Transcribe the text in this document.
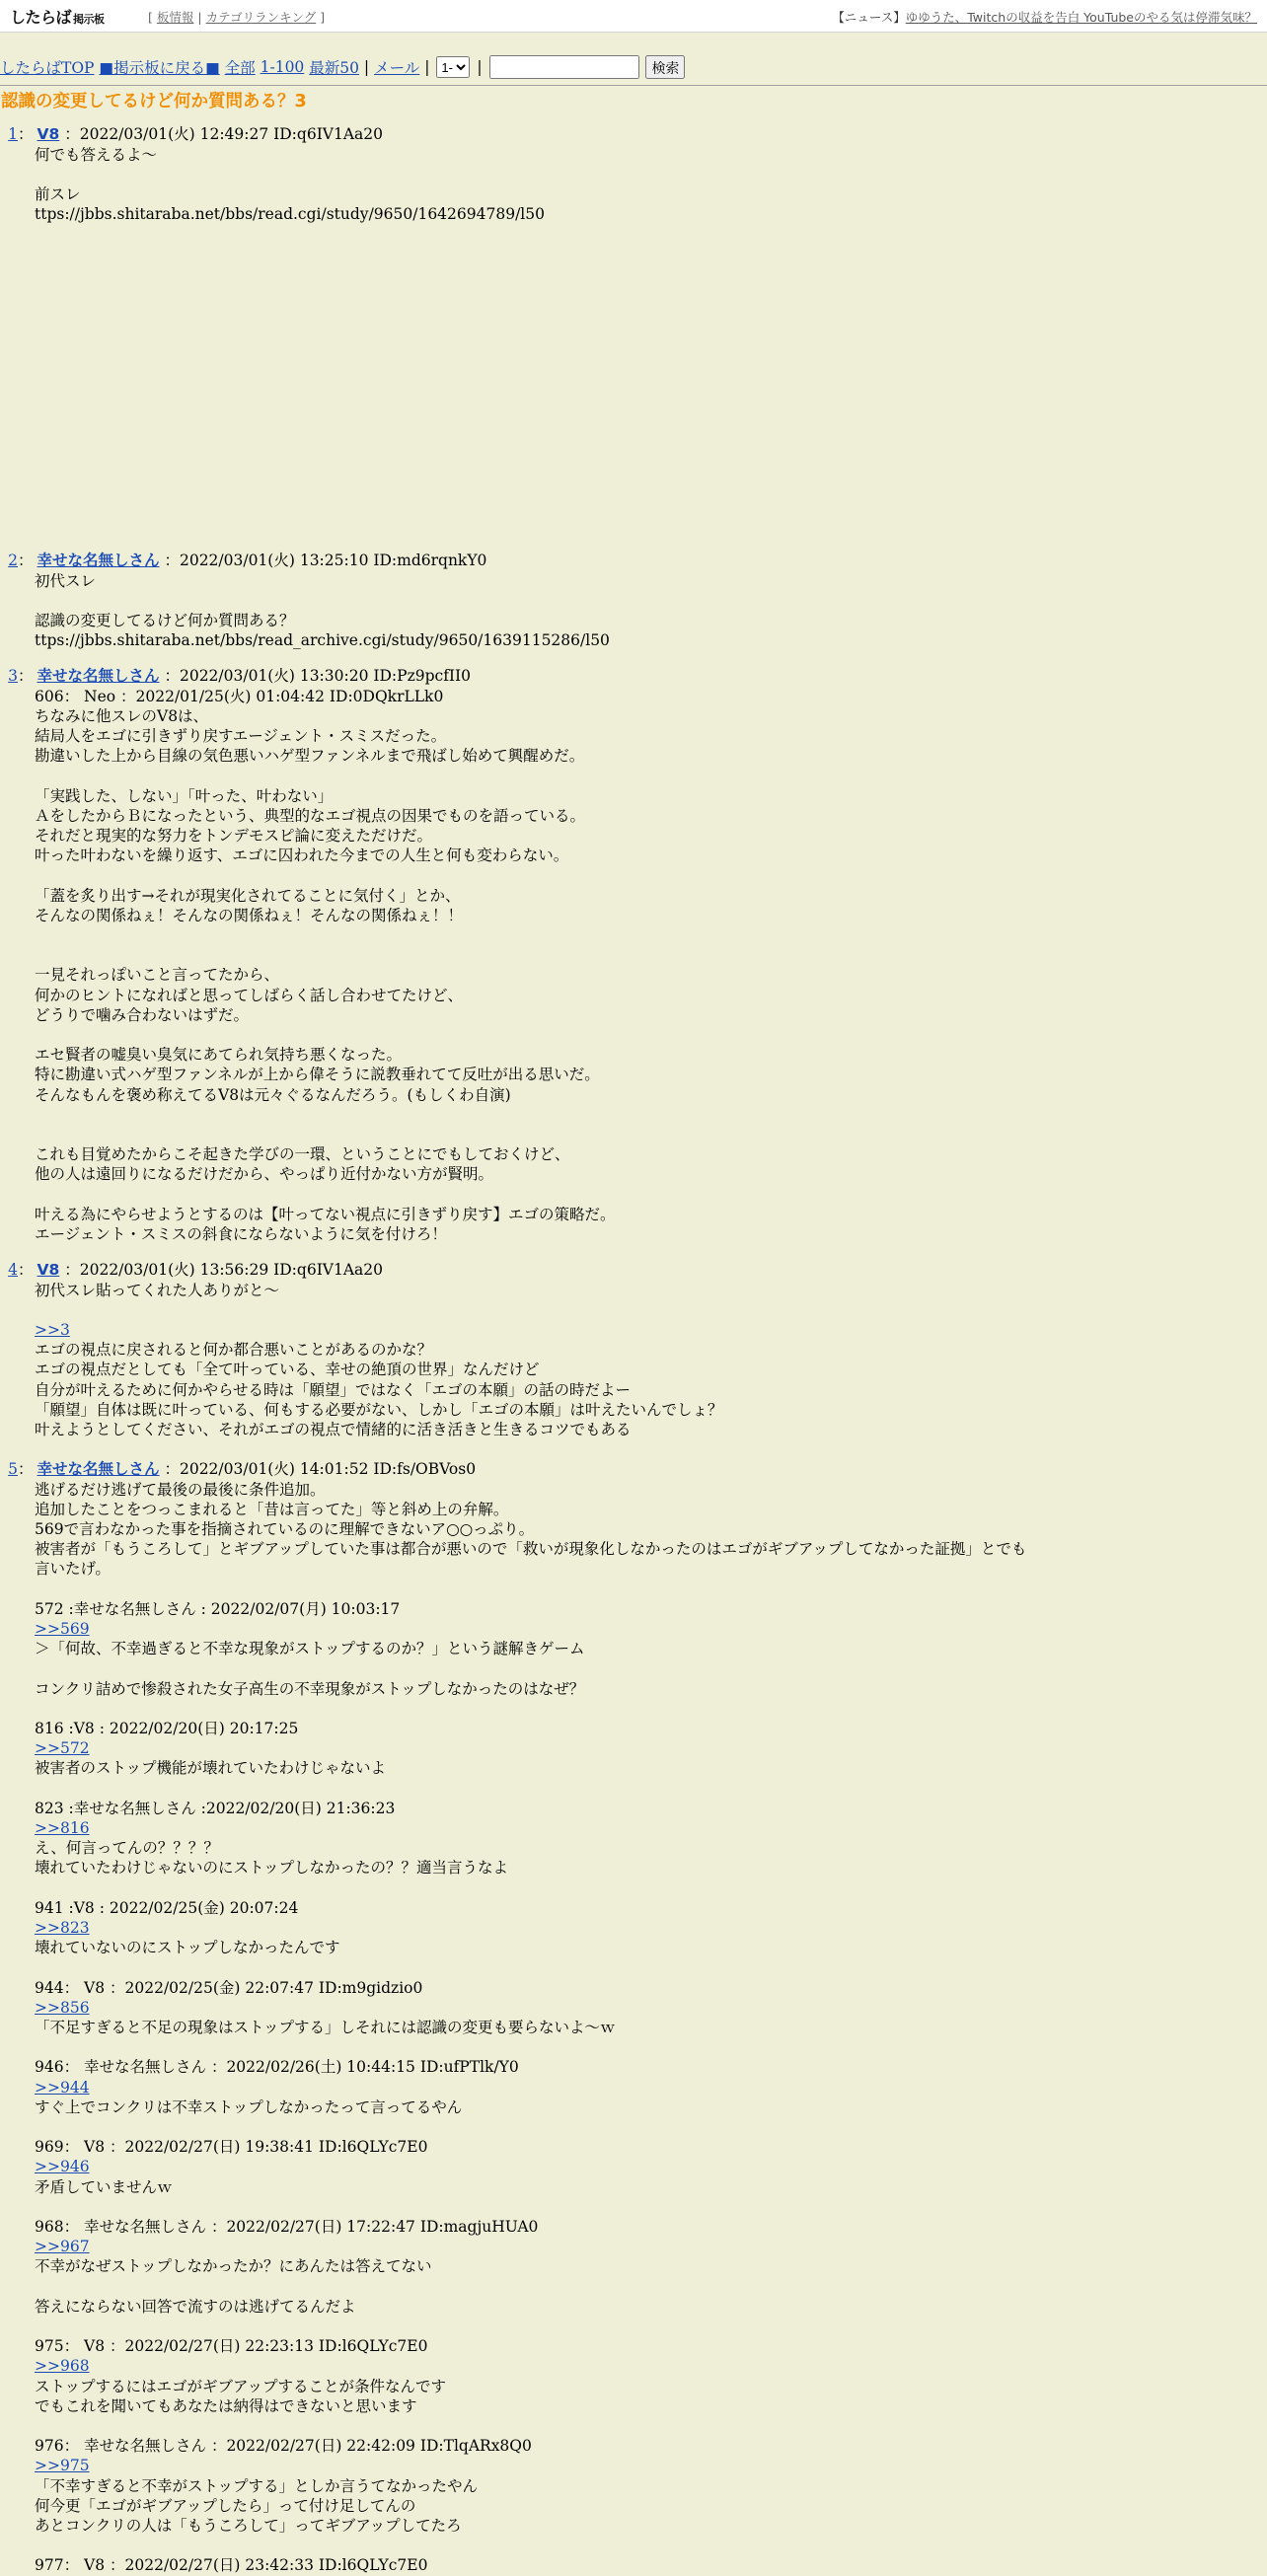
したらば 掲示板	[ 板情報 | カテゴリランキング ]	【ニュース】ゆゆうた、Twitchの収益を告白 YouTubeのやる気は停滞気味？
したらばTOP ■掲示板に戻る■ 全部 1-100 最新50 | メール |
1-	|	検索
認識の変更してるけど何か質問ある？3
1： V8 ：2022/03/01(火) 12:49:27 ID:q6IV1Aa20
何でも答えるよ～

前スレ
ttps://jbbs.shitaraba.net/bbs/read.cgi/study/9650/1642694789/l50
2： 幸せな名無しさん ：2022/03/01(火) 13:25:10 ID:md6rqnkY0
初代スレ

認識の変更してるけど何か質問ある？
ttps://jbbs.shitaraba.net/bbs/read_archive.cgi/study/9650/1639115286/l50
3： 幸せな名無しさん ：2022/03/01(火) 13:30:20 ID:Pz9pcfII0
606： Neo ：2022/01/25(火) 01:04:42 ID:0DQkrLLk0
ちなみに他スレのV8は、
結局人をエゴに引きずり戻すエージェント・スミスだった。
勘違いした上から目線の気色悪いハゲ型ファンネルまで飛ばし始めて興醒めだ。

「実践した、しない」「叶った、叶わない」
ＡをしたからＢになったという、典型的なエゴ視点の因果でものを語っている。
それだと現実的な努力をトンデモスピ論に変えただけだ。
叶った叶わないを繰り返す、エゴに囚われた今までの人生と何も変わらない。

「蓋を炙り出す→それが現実化されてることに気付く」とか、
そんなの関係ねぇ！そんなの関係ねぇ！そんなの関係ねぇ！！

一見それっぽいこと言ってたから、
何かのヒントになればと思ってしばらく話し合わせてたけど、
どうりで噛み合わないはずだ。

エセ賢者の嘘臭い臭気にあてられ気持ち悪くなった。
特に勘違い式ハゲ型ファンネルが上から偉そうに説教垂れてて反吐が出る思いだ。
そんなもんを褒め称えてるV8は元々ぐるなんだろう。(もしくわ自演)

これも目覚めたからこそ起きた学びの一環、ということにでもしておくけど、
他の人は遠回りになるだけだから、やっぱり近付かない方が賢明。

叶える為にやらせようとするのは【叶ってない視点に引きずり戻す】エゴの策略だ。
エージェント・スミスの斜食にならないように気を付けろ！
4： V8 ：2022/03/01(火) 13:56:29 ID:q6IV1Aa20
初代スレ貼ってくれた人ありがと～

>>3
エゴの視点に戻されると何か都合悪いことがあるのかな？
エゴの視点だとしても「全て叶っている、幸せの絶頂の世界」なんだけど
自分が叶えるために何かやらせる時は「願望」ではなく「エゴの本願」の話の時だよー
「願望」自体は既に叶っている、何もする必要がない、しかし「エゴの本願」は叶えたいんでしょ？
叶えようとしてください、それがエゴの視点で情緒的に活き活きと生きるコツでもある
5： 幸せな名無しさん ：2022/03/01(火) 14:01:52 ID:fs/OBVos0
逃げるだけ逃げて最後の最後に条件追加。
追加したことをつっこまれると「昔は言ってた」等と斜め上の弁解。
569で言わなかった事を指摘されているのに理解できないア○○っぷり。
被害者が「もうころして」とギブアップしていた事は都合が悪いので「救いが現象化しなかったのはエゴがギブアップしてなかった証拠」とでも
言いたげ。

572 :幸せな名無しさん : 2022/02/07(月) 10:03:17
>>569
＞「何故、不幸過ぎると不幸な現象がストップするのか？」という謎解きゲーム

コンクリ詰めで惨殺された女子高生の不幸現象がストップしなかったのはなぜ？

816 :V8 : 2022/02/20(日) 20:17:25
>>572
被害者のストップ機能が壊れていたわけじゃないよ

823 :幸せな名無しさん :2022/02/20(日) 21:36:23
>>816
え、何言ってんの？？？？
壊れていたわけじゃないのにストップしなかったの？？適当言うなよ

941 :V8 : 2022/02/25(金) 20:07:24
>>823
壊れていないのにストップしなかったんです

944： V8 ：2022/02/25(金) 22:07:47 ID:m9gidzio0
>>856
「不足すぎると不足の現象はストップする」しそれには認識の変更も要らないよ～ｗ

946： 幸せな名無しさん ：2022/02/26(土) 10:44:15 ID:ufPTlk/Y0
>>944
すぐ上でコンクリは不幸ストップしなかったって言ってるやん

969： V8 ：2022/02/27(日) 19:38:41 ID:l6QLYc7E0
>>946
矛盾していませんｗ

968： 幸せな名無しさん ：2022/02/27(日) 17:22:47 ID:magjuHUA0
>>967
不幸がなぜストップしなかったか？にあんたは答えてない

答えにならない回答で流すのは逃げてるんだよ

975： V8 ：2022/02/27(日) 22:23:13 ID:l6QLYc7E0
>>968
ストップするにはエゴがギブアップすることが条件なんです
でもこれを聞いてもあなたは納得はできないと思います

976： 幸せな名無しさん ：2022/02/27(日) 22:42:09 ID:TlqARx8Q0
>>975
「不幸すぎると不幸がストップする」としか言うてなかったやん
何今更「エゴがギブアップしたら」って付け足してんの
あとコンクリの人は「もうころして」ってギブアップしてたろ

977： V8 ：2022/02/27(日) 23:42:33 ID:l6QLYc7E0
